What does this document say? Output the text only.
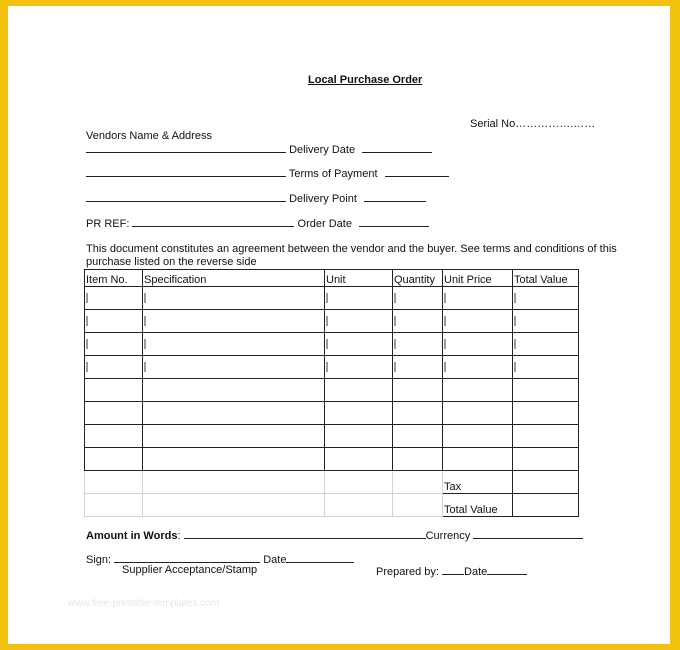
Local Purchase Order
Serial No…………….……
Vendors Name & Address
Delivery Date
Terms of Payment
Delivery Point
PR REF:	Order Date
This document constitutes an agreement between the vendor and the buyer. See terms and conditions of this purchase listed on the reverse side
Item No.	Specification	Unit	Quantity	Unit Price	Total Value

				Tax	
				Total Value	
Amount in Words:	Currency
Sign:	Date
Supplier Acceptance/Stamp	Prepared by: Date
www.free-printable-templates.com
